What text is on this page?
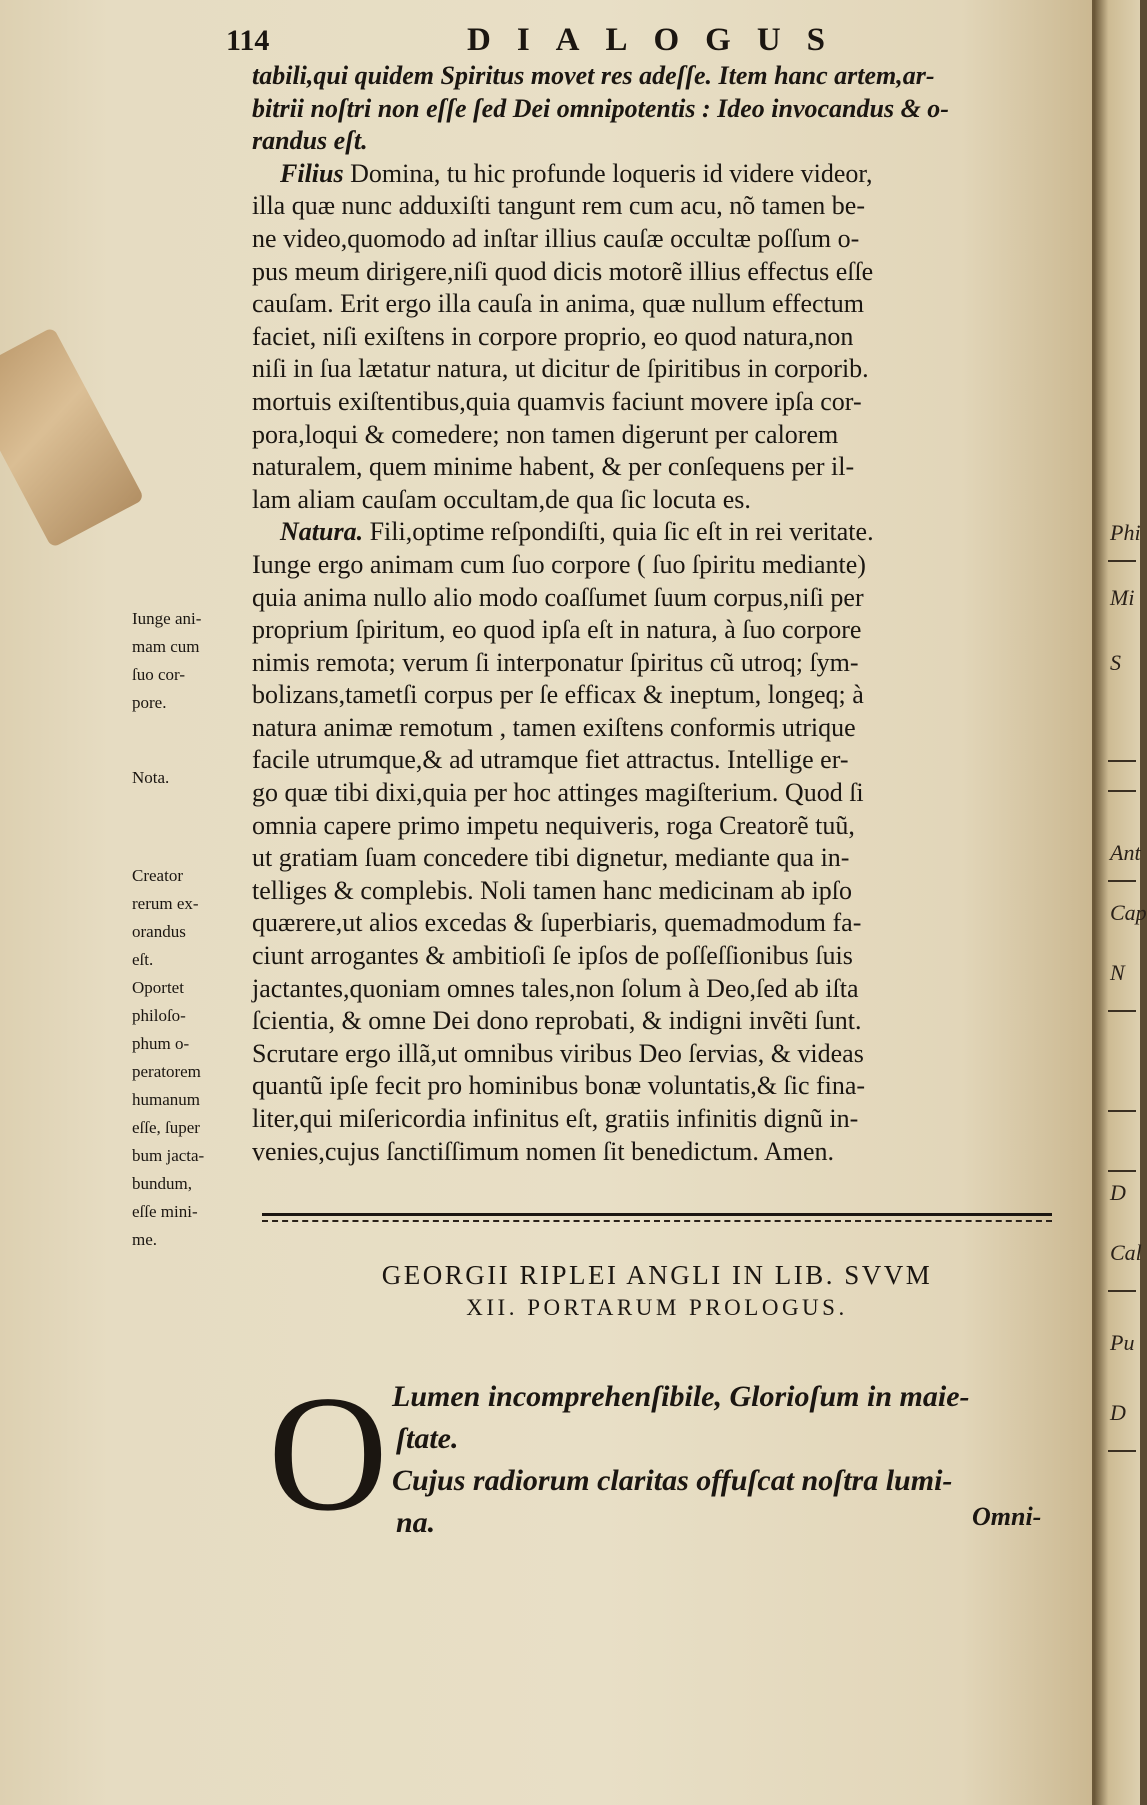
114	DIALOGUS
tabili,qui quidem Spiritus movet res adeſſe. Item hanc artem,ar-
bitrii noſtri non eſſe ſed Dei omnipotentis : Ideo invocandus & o-
randus eſt.
Filius Domina, tu hic profunde loqueris id videre videor,
illa quæ nunc adduxiſti tangunt rem cum acu, nõ tamen be-
ne video,quomodo ad inſtar illius cauſæ occultæ poſſum o-
pus meum dirigere,niſi quod dicis motorẽ illius effectus eſſe
cauſam. Erit ergo illa cauſa in anima, quæ nullum effectum
faciet, niſi exiſtens in corpore proprio, eo quod natura,non
niſi in ſua lætatur natura, ut dicitur de ſpiritibus in corporib.
mortuis exiſtentibus,quia quamvis faciunt movere ipſa cor-
pora,loqui & comedere; non tamen digerunt per calorem
naturalem, quem minime habent, & per conſequens per il-
lam aliam cauſam occultam,de qua ſic locuta es.
Natura. Fili,optime reſpondiſti, quia ſic eſt in rei veritate.
Iunge ergo animam cum ſuo corpore ( ſuo ſpiritu mediante)
quia anima nullo alio modo coaſſumet ſuum corpus,niſi per
proprium ſpiritum, eo quod ipſa eſt in natura, à ſuo corpore
nimis remota; verum ſi interponatur ſpiritus cũ utroq; ſym-
bolizans,tametſi corpus per ſe efficax & ineptum, longeq; à
natura animæ remotum , tamen exiſtens conformis utrique
facile utrumque,& ad utramque fiet attractus. Intellige er-
go quæ tibi dixi,quia per hoc attinges magiſterium. Quod ſi
omnia capere primo impetu nequiveris, roga Creatorẽ tuũ,
ut gratiam ſuam concedere tibi dignetur, mediante qua in-
telliges & complebis. Noli tamen hanc medicinam ab ipſo
quærere,ut alios excedas & ſuperbiaris, quemadmodum fa-
ciunt arrogantes & ambitioſi ſe ipſos de poſſeſſionibus ſuis
jactantes,quoniam omnes tales,non ſolum à Deo,ſed ab iſta
ſcientia, & omne Dei dono reprobati, & indigni invẽti ſunt.
Scrutare ergo illã,ut omnibus viribus Deo ſervias, & videas
quantũ ipſe fecit pro hominibus bonæ voluntatis,& ſic fina-
liter,qui miſericordia infinitus eſt, gratiis infinitis dignũ in-
venies,cujus ſanctiſſimum nomen ſit benedictum. Amen.
Iunge ani-
mam cum
ſuo cor-
pore.
Nota.
Creator
rerum ex-
orandus
eſt.
Oportet
philoſo-
phum o-
peratorem
humanum
eſſe, ſuper
bum jacta-
bundum,
eſſe mini-
me.
GEORGII RIPLEI ANGLI IN LIB. SVVM
XII. PORTARUM PROLOGUS.
O Lumen incomprehenſibile, Glorioſum in maie-
ſtate.
Cujus radiorum claritas offuſcat noſtra lumi-
na.	Omni-
Phi
Mi
S
Ant
Cap
N
D
Cal
Pu
D
